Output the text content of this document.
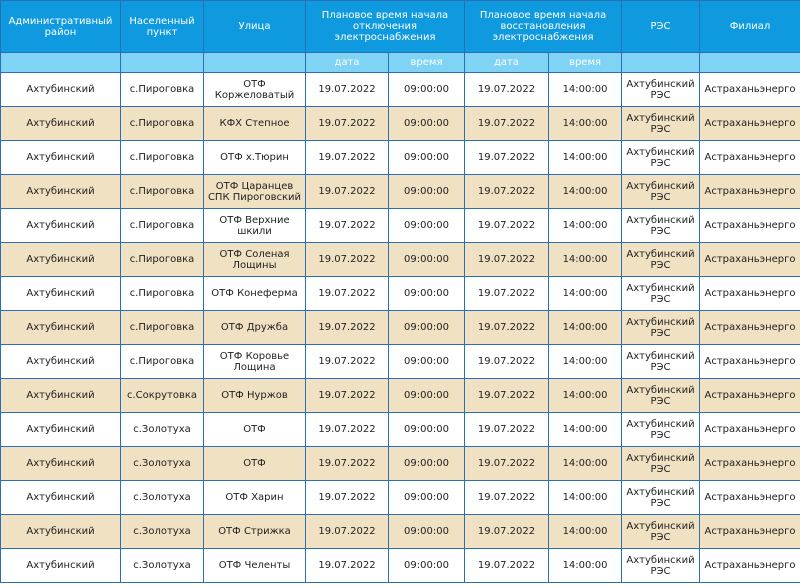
Административный район	Населенный пункт	Улица	Плановое время начала отключения электроснабжения		Плановое время начала восстановления электроснабжения		РЭС	Филиал
			дата	время	дата	время		
Ахтубинский	с.Пироговка	ОТФ Коржеловатый	19.07.2022	09:00:00	19.07.2022	14:00:00	Ахтубинский РЭС	Астраханьэнерго
Ахтубинский	с.Пироговка	КФХ Степное	19.07.2022	09:00:00	19.07.2022	14:00:00	Ахтубинский РЭС	Астраханьэнерго
Ахтубинский	с.Пироговка	ОТФ х.Тюрин	19.07.2022	09:00:00	19.07.2022	14:00:00	Ахтубинский РЭС	Астраханьэнерго
Ахтубинский	с.Пироговка	ОТФ Царанцев СПК Пироговский	19.07.2022	09:00:00	19.07.2022	14:00:00	Ахтубинский РЭС	Астраханьэнерго
Ахтубинский	с.Пироговка	ОТФ Верхние шкили	19.07.2022	09:00:00	19.07.2022	14:00:00	Ахтубинский РЭС	Астраханьэнерго
Ахтубинский	с.Пироговка	ОТФ Соленая Лощины	19.07.2022	09:00:00	19.07.2022	14:00:00	Ахтубинский РЭС	Астраханьэнерго
Ахтубинский	с.Пироговка	ОТФ Конеферма	19.07.2022	09:00:00	19.07.2022	14:00:00	Ахтубинский РЭС	Астраханьэнерго
Ахтубинский	с.Пироговка	ОТФ Дружба	19.07.2022	09:00:00	19.07.2022	14:00:00	Ахтубинский РЭС	Астраханьэнерго
Ахтубинский	с.Пироговка	ОТФ Коровье Лощина	19.07.2022	09:00:00	19.07.2022	14:00:00	Ахтубинский РЭС	Астраханьэнерго
Ахтубинский	с.Сокрутовка	ОТФ Нуржов	19.07.2022	09:00:00	19.07.2022	14:00:00	Ахтубинский РЭС	Астраханьэнерго
Ахтубинский	с.Золотуха	ОТФ	19.07.2022	09:00:00	19.07.2022	14:00:00	Ахтубинский РЭС	Астраханьэнерго
Ахтубинский	с.Золотуха	ОТФ	19.07.2022	09:00:00	19.07.2022	14:00:00	Ахтубинский РЭС	Астраханьэнерго
Ахтубинский	с.Золотуха	ОТФ Харин	19.07.2022	09:00:00	19.07.2022	14:00:00	Ахтубинский РЭС	Астраханьэнерго
Ахтубинский	с.Золотуха	ОТФ Стрижка	19.07.2022	09:00:00	19.07.2022	14:00:00	Ахтубинский РЭС	Астраханьэнерго
Ахтубинский	с.Золотуха	ОТФ Челенты	19.07.2022	09:00:00	19.07.2022	14:00:00	Ахтубинский РЭС	Астраханьэнерго
